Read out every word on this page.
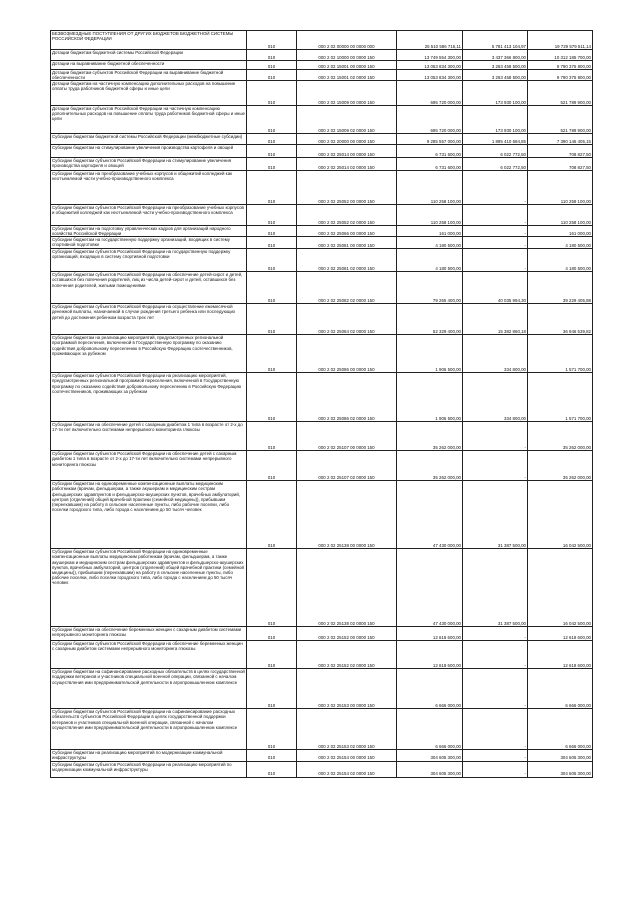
БЕЗВОЗМЕЗДНЫЕ ПОСТУПЛЕНИЯ ОТ ДРУГИХ БЮДЖЕТОВ БЮДЖЕТНОЙ СИСТЕМЫ РОССИЙСКОЙ ФЕДЕРАЦИИ	010	000 2 02 00000 00 0000 000	25 510 586 716,11	5 781 413 104,97	19 729 579 511,14
Дотации бюджетам бюджетной системы Российской Федерации	010	000 2 02 10000 00 0000 150	13 749 554 300,00	3 437 366 800,00	10 312 185 700,00
Дотации на выравнивание бюджетной обеспеченности	010	000 2 02 15001 00 0000 150	13 053 834 300,00	3 263 458 500,00	9 790 375 800,00
Дотации бюджетам субъектов Российской Федерации на выравнивание бюджетной обеспеченности	010	000 2 02 15001 02 0000 150	13 053 834 300,00	3 263 458 500,00	9 790 375 800,00
Дотации бюджетам на частичную компенсацию дополнительных расходов на повышение оплаты труда работников бюджетной сферы и иные цели	010	000 2 02 15009 00 0000 150	695 720 000,00	173 930 100,00	521 789 900,00
Дотации бюджетам субъектов Российской Федерации на частичную компенсацию дополнительных расходов на повышение оплаты труда работников бюджетной сферы и иные цели	010	000 2 02 15009 02 0000 150	695 720 000,00	173 930 100,00	521 789 900,00
Субсидии бюджетам бюджетной системы Российской Федерации (межбюджетные субсидии)	010	000 2 02 20000 00 0000 150	9 285 557 000,00	1 895 410 694,85	7 390 146 405,15
Субсидии бюджетам на стимулирование увеличения производства картофеля и овощей	010	000 2 02 25014 00 0000 150	6 731 600,00	6 022 772,50	708 827,50
Субсидии бюджетам субъектов Российской Федерации на стимулирование увеличения производства картофеля и овощей	010	000 2 02 25014 02 0000 150	6 731 600,00	6 022 772,50	708 827,50
Субсидии бюджетам на преобразование учебных корпусов и общежитий колледжей как неотъемлемой части учебно-производственного комплекса	010	000 2 02 25052 00 0000 150	110 258 100,00	-	110 258 100,00
Субсидии бюджетам субъектов Российской Федерации на преобразование учебных корпусов и общежитий колледжей как неотъемлемой части учебно-производственного комплекса	010	000 2 02 25052 02 0000 150	110 258 100,00	-	110 258 100,00
Субсидии бюджетам на подготовку управленческих кадров для организаций народного хозяйства Российской Федерации	010	000 2 02 25066 00 0000 150	161 000,00	-	161 000,00
Субсидии бюджетам на государственную поддержку организаций, входящих в систему спортивной подготовки	010	000 2 02 25081 00 0000 150	4 180 500,00	-	4 180 500,00
Субсидии бюджетам субъектов Российской Федерации на государственную поддержку организаций, входящих в систему спортивной подготовки	010	000 2 02 25081 02 0000 150	4 180 500,00	-	4 180 500,00
Субсидии бюджетам субъектов Российской Федерации на обеспечение детей-сирот и детей, оставшихся без попечения родителей, лиц из числа детей-сирот и детей, оставшихся без попечения родителей, жилыми помещениями	010	000 2 02 25082 02 0000 150	79 265 400,00	40 035 994,30	39 229 405,88
Субсидии бюджетам субъектов Российской Федерации на осуществление ежемесячной денежной выплаты, назначаемой в случае рождения третьего ребенка или последующих детей до достижения ребенком возраста трех лет	010	000 2 02 25084 02 0000 150	52 329 400,00	15 382 860,18	36 946 539,82
Субсидии бюджетам на реализацию мероприятий, предусмотренных региональной программой переселения, включенной в Государственную программу по оказанию содействия добровольному переселению в Российскую Федерацию соотечественников, проживающих за рубежом	010	000 2 02 25086 00 0000 150	1 906 500,00	334 800,00	1 571 700,00
Субсидии бюджетам субъектов Российской Федерации на реализацию мероприятий, предусмотренных региональной программой переселения, включенной в Государственную программу по оказанию содействия добровольному переселению в Российскую Федерацию соотечественников, проживающих за рубежом	010	000 2 02 25086 02 0000 150	1 906 500,00	334 800,00	1 571 700,00
Субсидии бюджетам на обеспечение детей с сахарным диабетом 1 типа в возрасте от 2-х до 17-ти лет включительно системами непрерывного мониторинга глюкозы	010	000 2 02 25107 00 0000 150	35 262 000,00	-	35 262 000,00
Субсидии бюджетам субъектов Российской Федерации на обеспечение детей с сахарным диабетом 1 типа в возрасте от 2-х до 17-ти лет включительно системами непрерывного мониторинга глюкозы	010	000 2 02 25107 02 0000 150	35 262 000,00	-	35 262 000,00
Субсидии бюджетам на единовременные компенсационные выплаты медицинским работникам (врачам, фельдшерам, а также акушеркам и медицинским сестрам фельдшерских здравпунктов и фельдшерско-акушерских пунктов, врачебных амбулаторий, центров (отделений) общей врачебной практики (семейной медицины)), прибывшим (переехавшим) на работу в сельские населенные пункты, либо рабочие поселки, либо поселки городского типа, либо города с населением до 50 тысяч человек	010	000 2 02 25138 00 0000 150	47 430 000,00	31 387 500,00	16 042 500,00
Субсидии бюджетам субъектов Российской Федерации на единовременные компенсационные выплаты медицинским работникам (врачам, фельдшерам, а также акушеркам и медицинским сестрам фельдшерских здравпунктов и фельдшерско-акушерских пунктов, врачебных амбулаторий, центров (отделений) общей врачебной практики (семейной медицины)), прибывшим (переехавшим) на работу в сельские населенные пункты, либо рабочие поселки, либо поселки городского типа, либо города с населением до 50 тысяч человек	010	000 2 02 25138 02 0000 150	47 430 000,00	31 387 500,00	16 042 500,00
Субсидии бюджетам на обеспечение беременных женщин с сахарным диабетом системами непрерывного мониторинга глюкозы	010	000 2 02 25152 00 0000 150	12 618 600,00	-	12 618 600,00
Субсидии бюджетам субъектов Российской Федерации на обеспечение беременных женщин с сахарным диабетом системами непрерывного мониторинга глюкозы	010	000 2 02 25152 02 0000 150	12 618 600,00	-	12 618 600,00
Субсидии бюджетам на софинансирование расходных обязательств в целях государственной поддержки ветеранов и участников специальной военной операции, связанной с началом осуществления ими предпринимательской деятельности в агропромышленном комплексе	010	000 2 02 25153 00 0000 150	6 666 000,00	-	6 666 000,00
Субсидии бюджетам субъектов Российской Федерации на софинансирование расходных обязательств субъектов Российской Федерации в целях государственной поддержки ветеранов и участников специальной военной операции, связанной с началом осуществления ими предпринимательской деятельности в агропромышленном комплексе	010	000 2 02 25153 02 0000 150	6 666 000,00	-	6 666 000,00
Субсидии бюджетам на реализацию мероприятий по модернизации коммунальной инфраструктуры	010	000 2 02 25154 00 0000 150	304 605 300,00	-	304 605 300,00
Субсидии бюджетам субъектов Российской Федерации на реализацию мероприятий по модернизации коммунальной инфраструктуры	010	000 2 02 25154 02 0000 150	304 605 300,00	-	304 605 300,00
